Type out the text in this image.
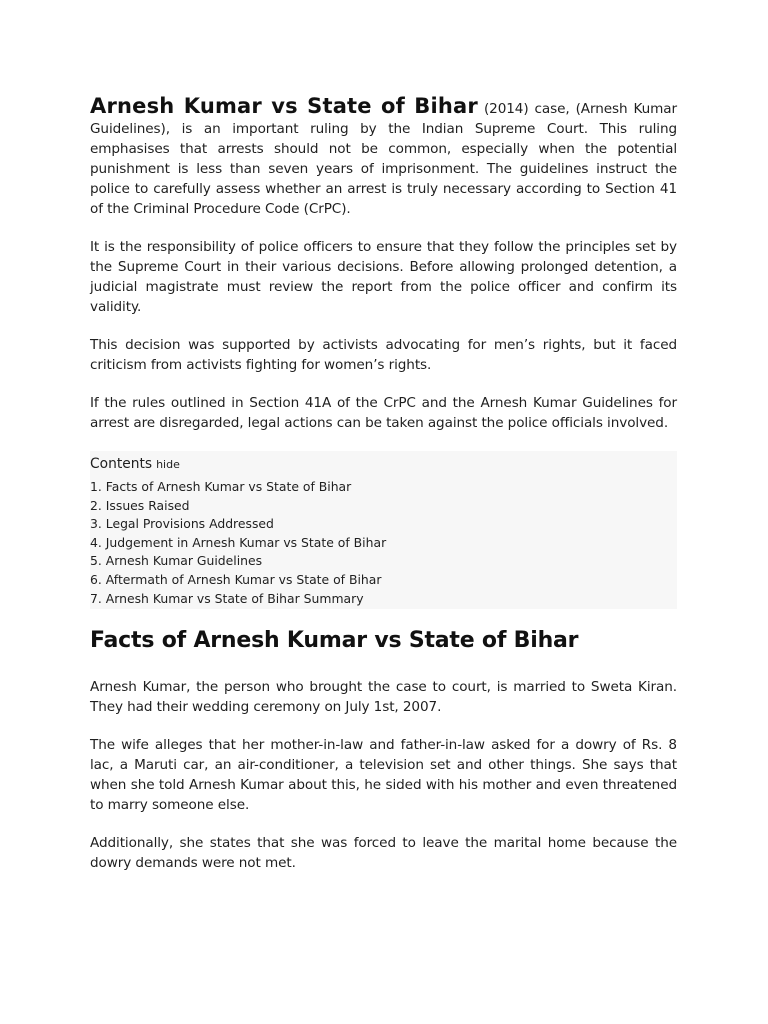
Arnesh Kumar vs State of Bihar (2014) case, (Arnesh Kumar Guidelines), is an important ruling by the Indian Supreme Court. This ruling emphasises that arrests should not be common, especially when the potential punishment is less than seven years of imprisonment. The guidelines instruct the police to carefully assess whether an arrest is truly necessary according to Section 41 of the Criminal Procedure Code (CrPC).

It is the responsibility of police officers to ensure that they follow the principles set by the Supreme Court in their various decisions. Before allowing prolonged detention, a judicial magistrate must review the report from the police officer and confirm its validity.

This decision was supported by activists advocating for men’s rights, but it faced criticism from activists fighting for women’s rights.

If the rules outlined in Section 41A of the CrPC and the Arnesh Kumar Guidelines for arrest are disregarded, legal actions can be taken against the police officials involved.

Contents hide
1. Facts of Arnesh Kumar vs State of Bihar
2. Issues Raised
3. Legal Provisions Addressed
4. Judgement in Arnesh Kumar vs State of Bihar
5. Arnesh Kumar Guidelines
6. Aftermath of Arnesh Kumar vs State of Bihar
7. Arnesh Kumar vs State of Bihar Summary
Facts of Arnesh Kumar vs State of Bihar

Arnesh Kumar, the person who brought the case to court, is married to Sweta Kiran. They had their wedding ceremony on July 1st, 2007.

The wife alleges that her mother-in-law and father-in-law asked for a dowry of Rs. 8 lac, a Maruti car, an air-conditioner, a television set and other things. She says that when she told Arnesh Kumar about this, he sided with his mother and even threatened to marry someone else.

Additionally, she states that she was forced to leave the marital home because the dowry demands were not met.
